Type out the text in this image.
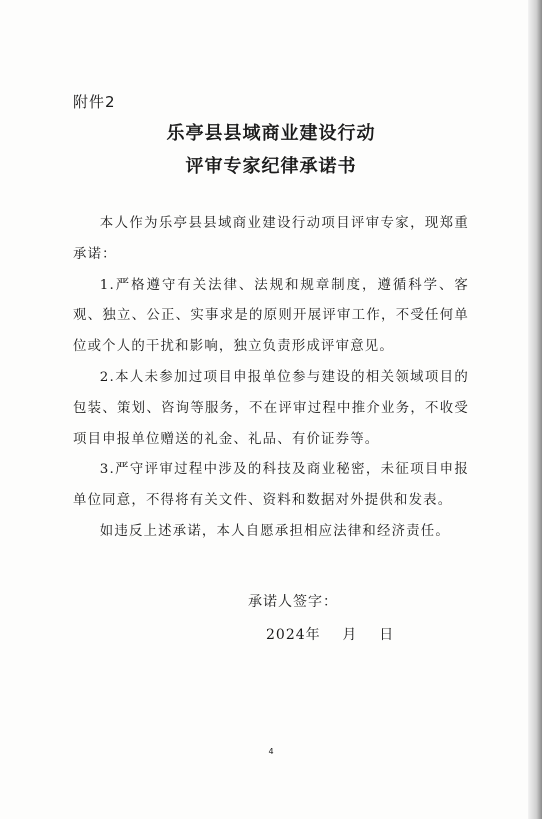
附件2
乐亭县县域商业建设行动
评审专家纪律承诺书

本人作为乐亭县县域商业建设行动项目评审专家，现郑重承诺：

1.严格遵守有关法律、法规和规章制度，遵循科学、客观、独立、公正、实事求是的原则开展评审工作，不受任何单位或个人的干扰和影响，独立负责形成评审意见。

2.本人未参加过项目申报单位参与建设的相关领域项目的包装、策划、咨询等服务，不在评审过程中推介业务，不收受项目申报单位赠送的礼金、礼品、有价证券等。

3.严守评审过程中涉及的科技及商业秘密，未征项目申报单位同意，不得将有关文件、资料和数据对外提供和发表。

如违反上述承诺，本人自愿承担相应法律和经济责任。

承诺人签字：
2024年    月    日
4
